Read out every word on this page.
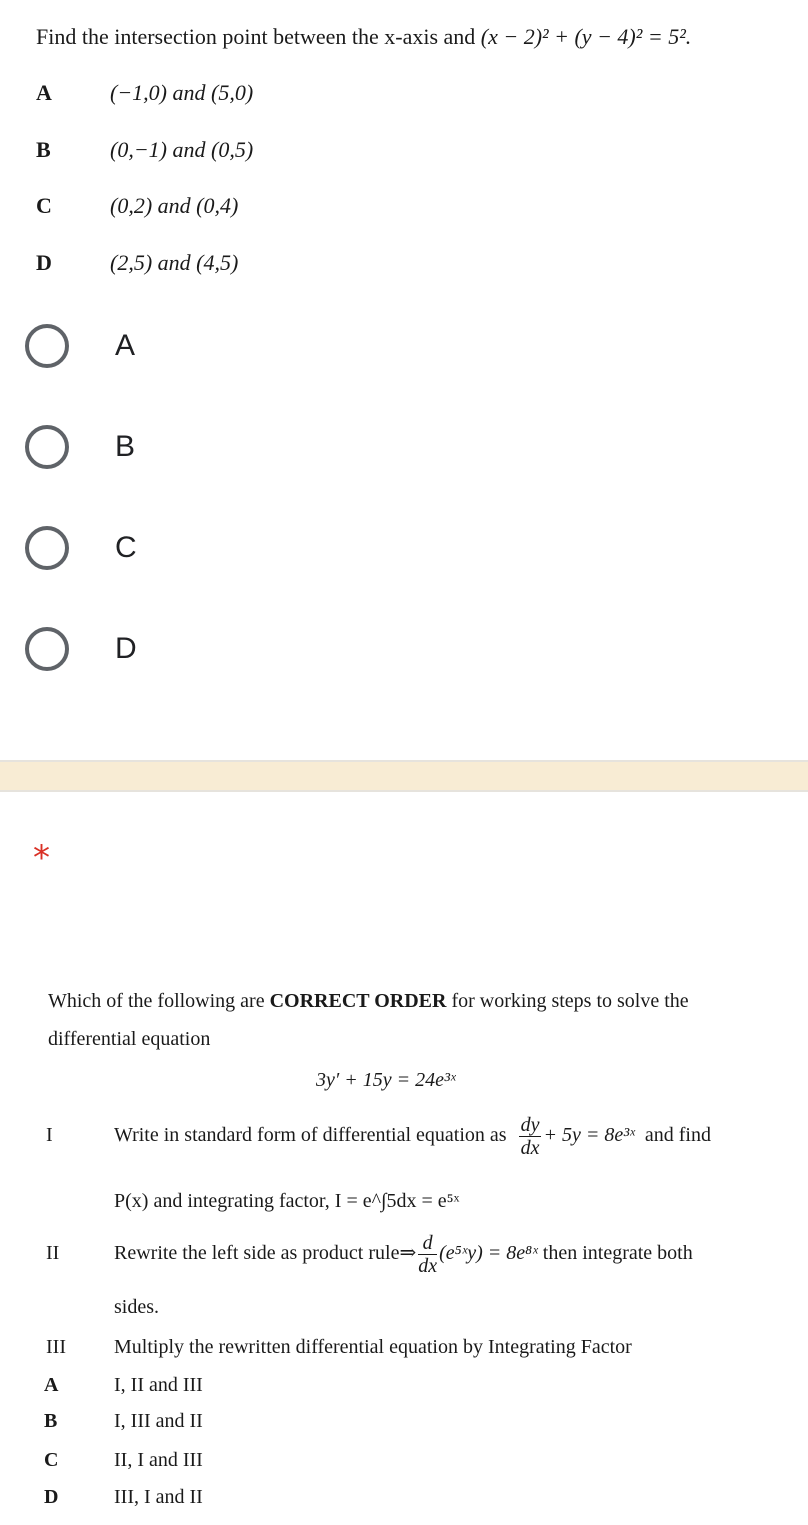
Find the intersection point between the x-axis and (x − 2)² + (y − 4)² = 5².
A	(−1,0) and (5,0)
B	(0,−1) and (0,5)
C	(0,2) and (0,4)
D	(2,5) and (4,5)
A
B
C
D
*
Which of the following are CORRECT ORDER for working steps to solve the
differential equation
3y′ + 15y = 24e³ˣ
I	Write in standard form of differential equation as $\frac{dy}{dx} + 5y$ = 8e³ˣ and find
P(x) and integrating factor, I = e^∫5dx = e⁵ˣ
II	Rewrite the left side as product rule⇒ $\frac{d}{dx}$ (e⁵ˣy) = 8e⁸ˣ then integrate both
sides.
III Multiply the rewritten differential equation by Integrating Factor
A	I, II and III
B	I, III and II
C	II, I and III
D	III, I and II
